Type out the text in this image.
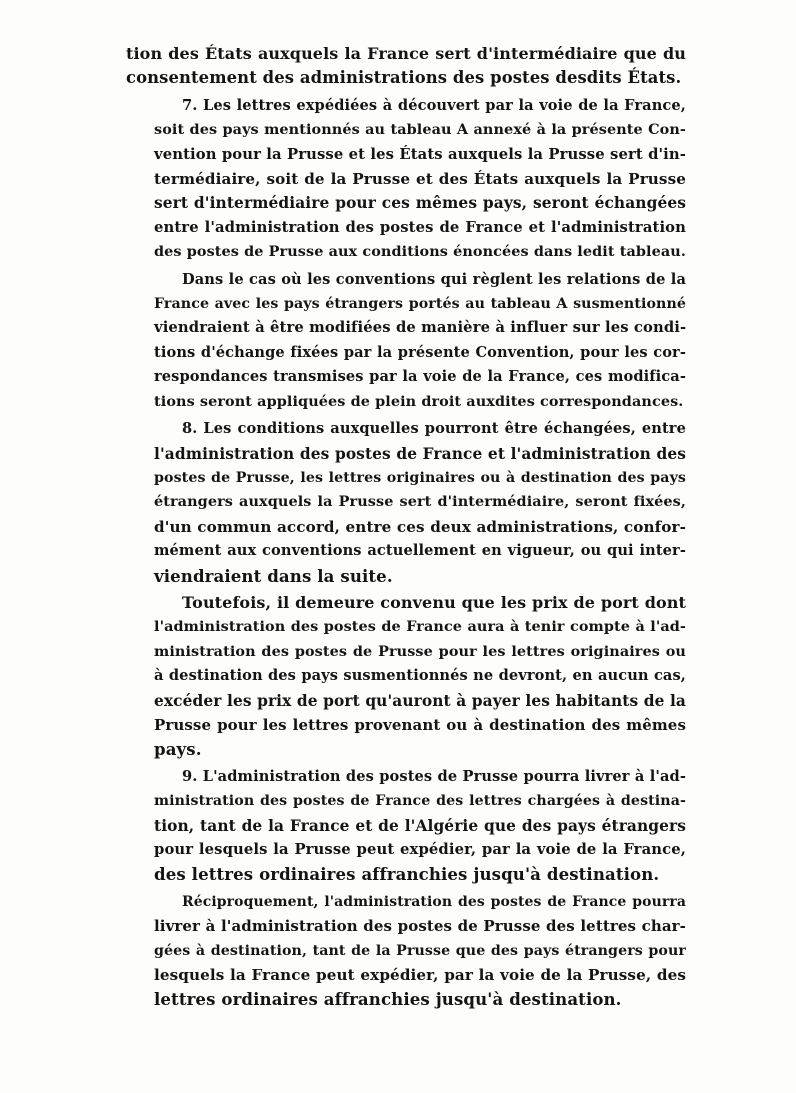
tion des États auxquels la France sert d'intermédiaire que du
consentement des administrations des postes desdits États.

7. Les lettres expédiées à découvert par la voie de la France,
soit des pays mentionnés au tableau A annexé à la présente Con-
vention pour la Prusse et les États auxquels la Prusse sert d'in-
termédiaire, soit de la Prusse et des États auxquels la Prusse
sert d'intermédiaire pour ces mêmes pays, seront échangées
entre l'administration des postes de France et l'administration
des postes de Prusse aux conditions énoncées dans ledit tableau.

Dans le cas où les conventions qui règlent les relations de la
France avec les pays étrangers portés au tableau A susmentionné
viendraient à être modifiées de manière à influer sur les condi-
tions d'échange fixées par la présente Convention, pour les cor-
respondances transmises par la voie de la France, ces modifica-
tions seront appliquées de plein droit auxdites correspondances.

8. Les conditions auxquelles pourront être échangées, entre
l'administration des postes de France et l'administration des
postes de Prusse, les lettres originaires ou à destination des pays
étrangers auxquels la Prusse sert d'intermédiaire, seront fixées,
d'un commun accord, entre ces deux administrations, confor-
mément aux conventions actuellement en vigueur, ou qui inter-
viendraient dans la suite.

Toutefois, il demeure convenu que les prix de port dont
l'administration des postes de France aura à tenir compte à l'ad-
ministration des postes de Prusse pour les lettres originaires ou
à destination des pays susmentionnés ne devront, en aucun cas,
excéder les prix de port qu'auront à payer les habitants de la
Prusse pour les lettres provenant ou à destination des mêmes
pays.

9. L'administration des postes de Prusse pourra livrer à l'ad-
ministration des postes de France des lettres chargées à destina-
tion, tant de la France et de l'Algérie que des pays étrangers
pour lesquels la Prusse peut expédier, par la voie de la France,
des lettres ordinaires affranchies jusqu'à destination.

Réciproquement, l'administration des postes de France pourra
livrer à l'administration des postes de Prusse des lettres char-
gées à destination, tant de la Prusse que des pays étrangers pour
lesquels la France peut expédier, par la voie de la Prusse, des
lettres ordinaires affranchies jusqu'à destination.
